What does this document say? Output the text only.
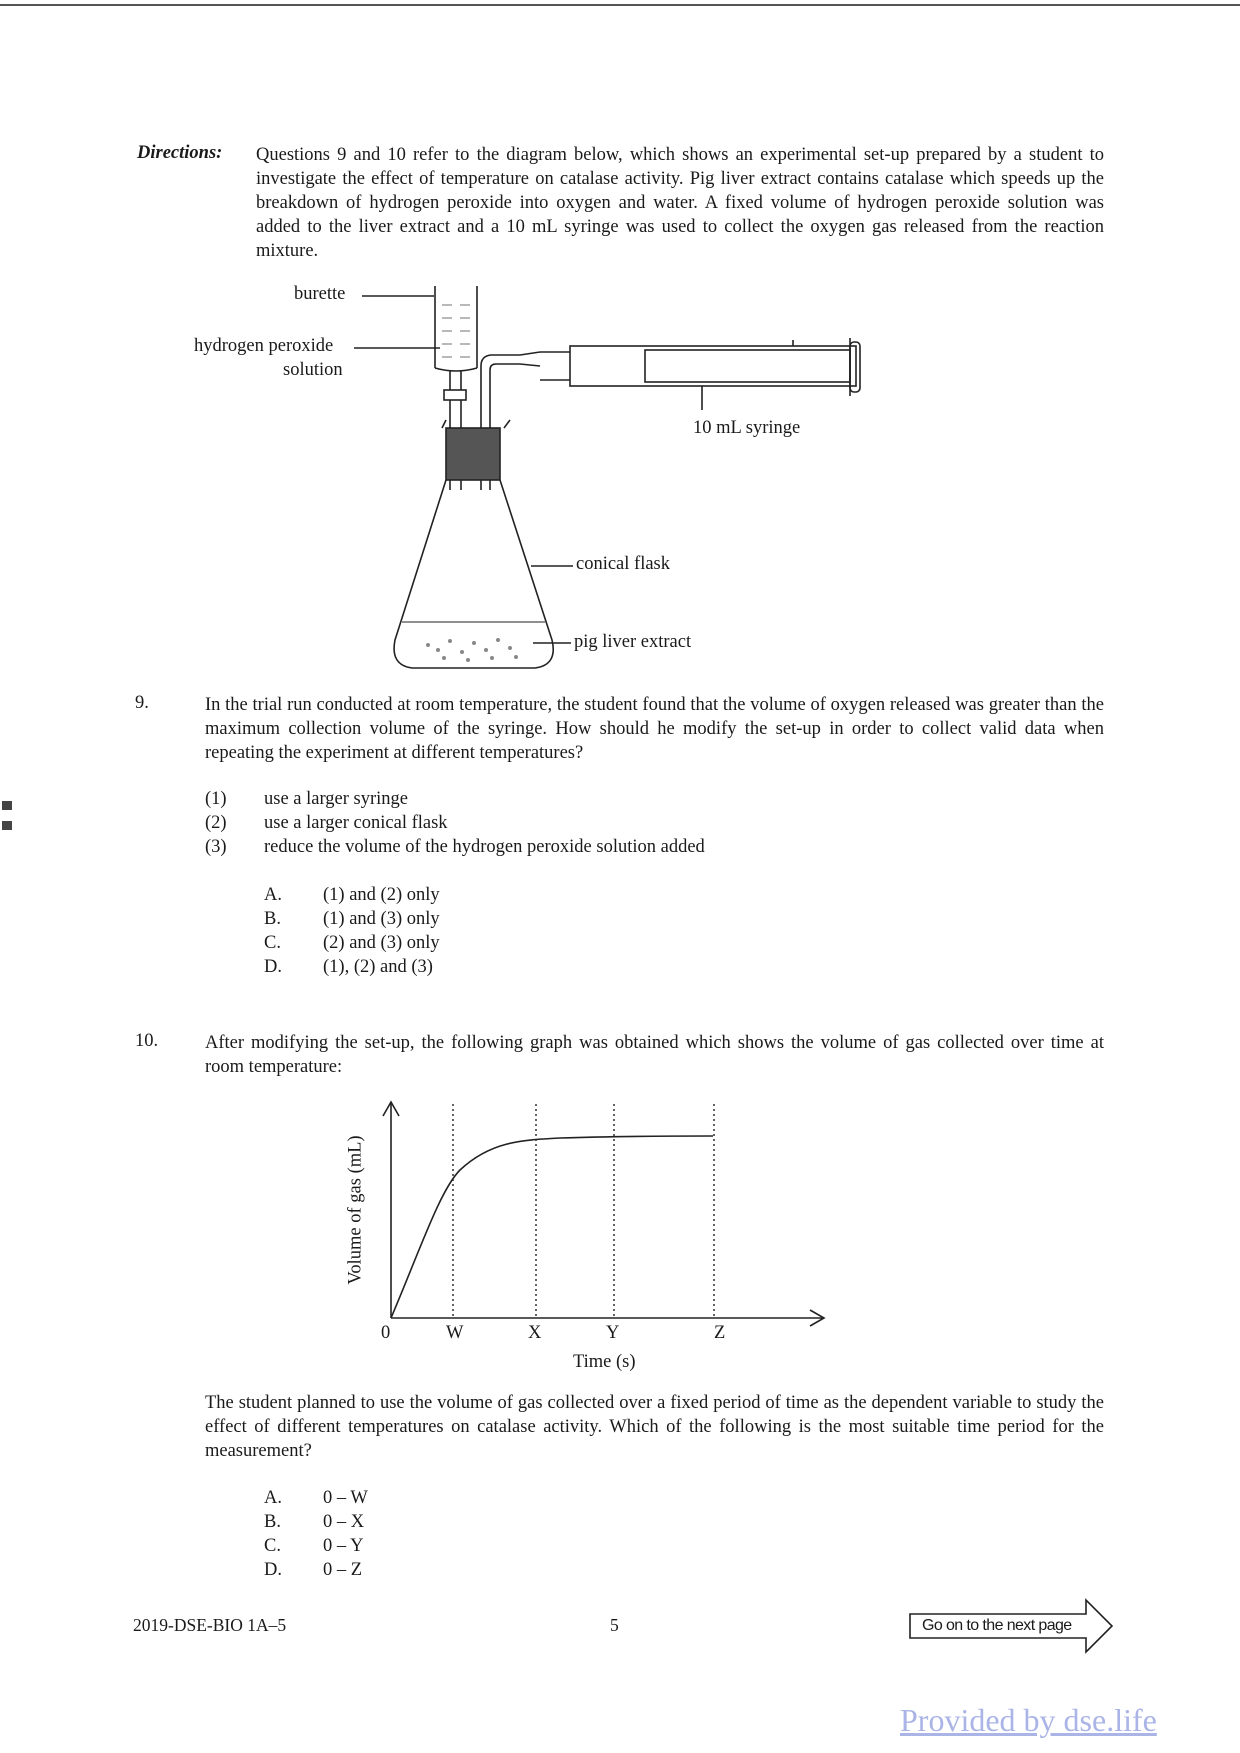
Directions: Questions 9 and 10 refer to the diagram below, which shows an experimental set-up prepared by a student to investigate the effect of temperature on catalase activity. Pig liver extract contains catalase which speeds up the breakdown of hydrogen peroxide into oxygen and water. A fixed volume of hydrogen peroxide solution was added to the liver extract and a 10 mL syringe was used to collect the oxygen gas released from the reaction mixture.
burette
hydrogen peroxide
solution
10 mL syringe
conical flask
pig liver extract
9.	In the trial run conducted at room temperature, the student found that the volume of oxygen released was greater than the maximum collection volume of the syringe. How should he modify the set-up in order to collect valid data when repeating the experiment at different temperatures?
(1) use a larger syringe
(2) use a larger conical flask
(3) reduce the volume of the hydrogen peroxide solution added
A. (1) and (2) only
B. (1) and (3) only
C. (2) and (3) only
D. (1), (2) and (3)
10.	After modifying the set-up, the following graph was obtained which shows the volume of gas collected over time at room temperature:
0	W	X	Y	Z
Time (s)
Volume of gas (mL)
The student planned to use the volume of gas collected over a fixed period of time as the dependent variable to study the effect of different temperatures on catalase activity. Which of the following is the most suitable time period for the measurement?
A. 0 – W
B. 0 – X
C. 0 – Y
D. 0 – Z
2019-DSE-BIO 1A–5	5	Go on to the next page
Provided by dse.life
